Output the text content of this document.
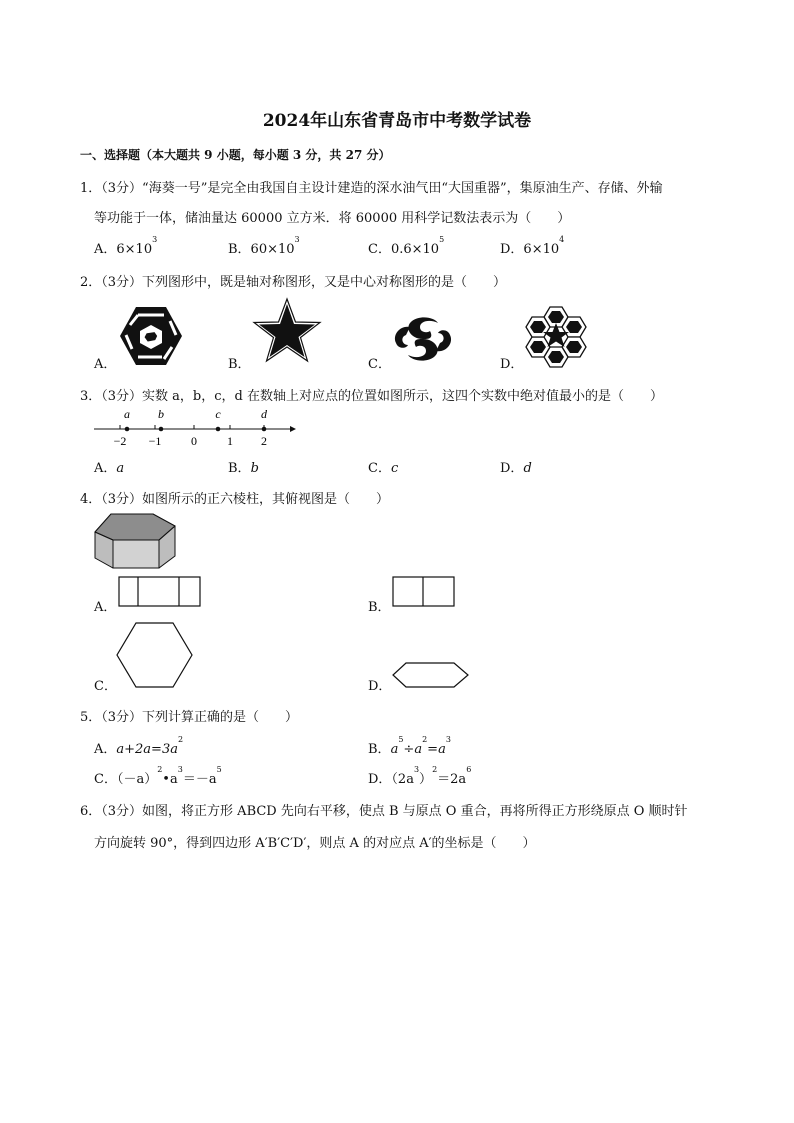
2024年山东省青岛市中考数学试卷
一、选择题（本大题共 9 小题，每小题 3 分，共 27 分）
1．（3分）“海葵一号”是完全由我国自主设计建造的深水油气田“大国重器”，集原油生产、存储、外输
等功能于一体，储油量达 60000 立方米．将 60000 用科学记数法表示为（　　）
A．$6\times 10^3$
B．$60\times 10^3$
C．$0.6\times 10^5$
D．$6\times 10^4$
2．（3分）下列图形中，既是轴对称图形，又是中心对称图形的是（　　）
A．	B．	C．	D．
3．（3分）实数 a，b，c，d 在数轴上对应点的位置如图所示，这四个实数中绝对值最小的是（　　）
a b	c	d
−2 −1 0	1 2
A．a	B．b	C．c	D．d
4．（3分）如图所示的正六棱柱，其俯视图是（　　）
A．	B．
C．	D．
5．（3分）下列计算正确的是（　　）
A．$a+2a=3a^2$
B．$a^5\div a^2=a^3$
C．$(-a)^2•a^3=-a^5$
D．$(2a^3)^2=2a^6$
6．（3分）如图，将正方形 ABCD 先向右平移，使点 B 与原点 O 重合，再将所得正方形绕原点 O 顺时针
方向旋转 90°，得到四边形 A′B′C′D′，则点 A 的对应点 A′的坐标是（　　）
